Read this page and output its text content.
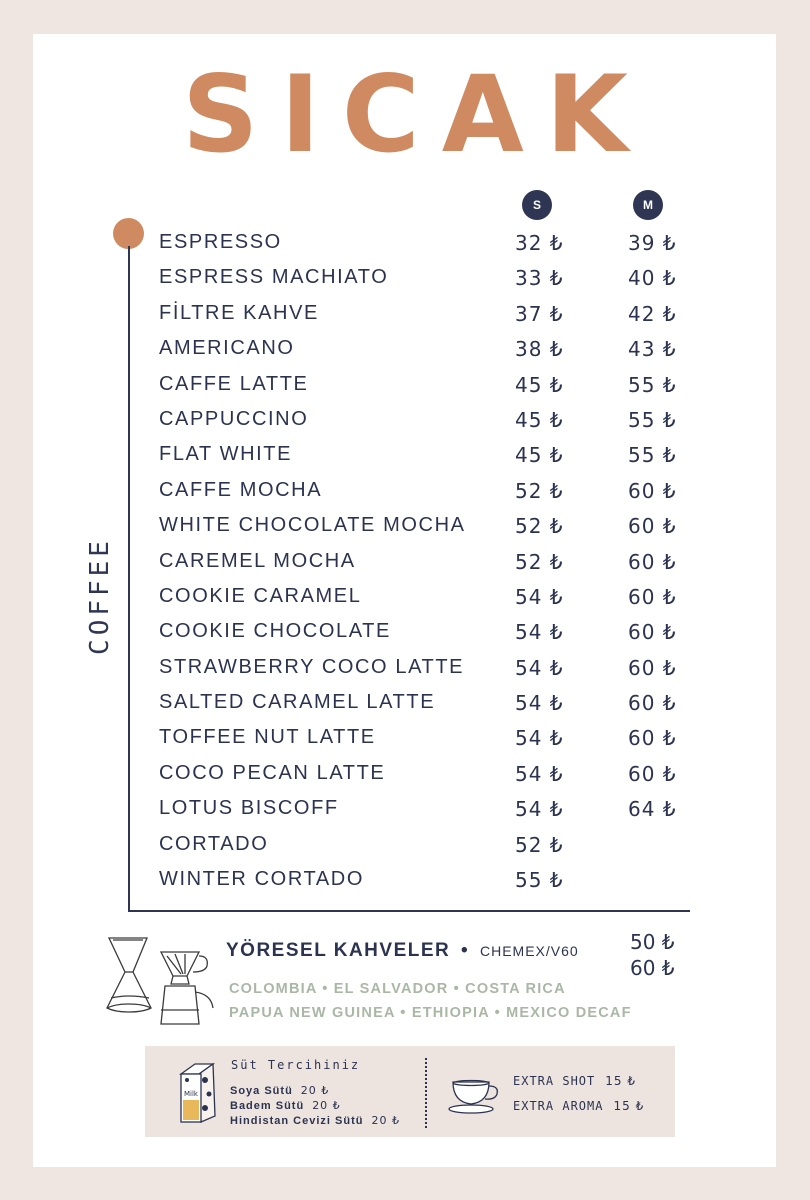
SICAK
S	M
COFFEE
ESPRESSO	32 ₺	39 ₺
ESPRESS MACHIATO	33 ₺	40 ₺
FİLTRE KAHVE	37 ₺	42 ₺
AMERICANO	38 ₺	43 ₺
CAFFE LATTE	45 ₺	55 ₺
CAPPUCCINO	45 ₺	55 ₺
FLAT WHITE	45 ₺	55 ₺
CAFFE MOCHA	52 ₺	60 ₺
WHITE CHOCOLATE MOCHA 52 ₺	60 ₺
CAREMEL MOCHA	52 ₺	60 ₺
COOKIE CARAMEL	54 ₺	60 ₺
COOKIE CHOCOLATE	54 ₺	60 ₺
STRAWBERRY COCO LATTE	54 ₺	60 ₺
SALTED CARAMEL LATTE	54 ₺	60 ₺
TOFFEE NUT LATTE	54 ₺	60 ₺
COCO PECAN LATTE	54 ₺	60 ₺
LOTUS BISCOFF	54 ₺	64 ₺
CORTADO	52 ₺
WINTER CORTADO	55 ₺
YÖRESEL KAHVELER • CHEMEX/V60	50 ₺
60 ₺
COLOMBIA • EL SALVADOR • COSTA RICA
PAPUA NEW GUINEA • ETHIOPIA • MEXICO DECAF
Milk
Süt Tercihiniz
Soya Sütü 20 ₺
Badem Sütü 20 ₺
Hindistan Cevizi Sütü 20 ₺
EXTRA SHOT 15 ₺
EXTRA AROMA 15 ₺
